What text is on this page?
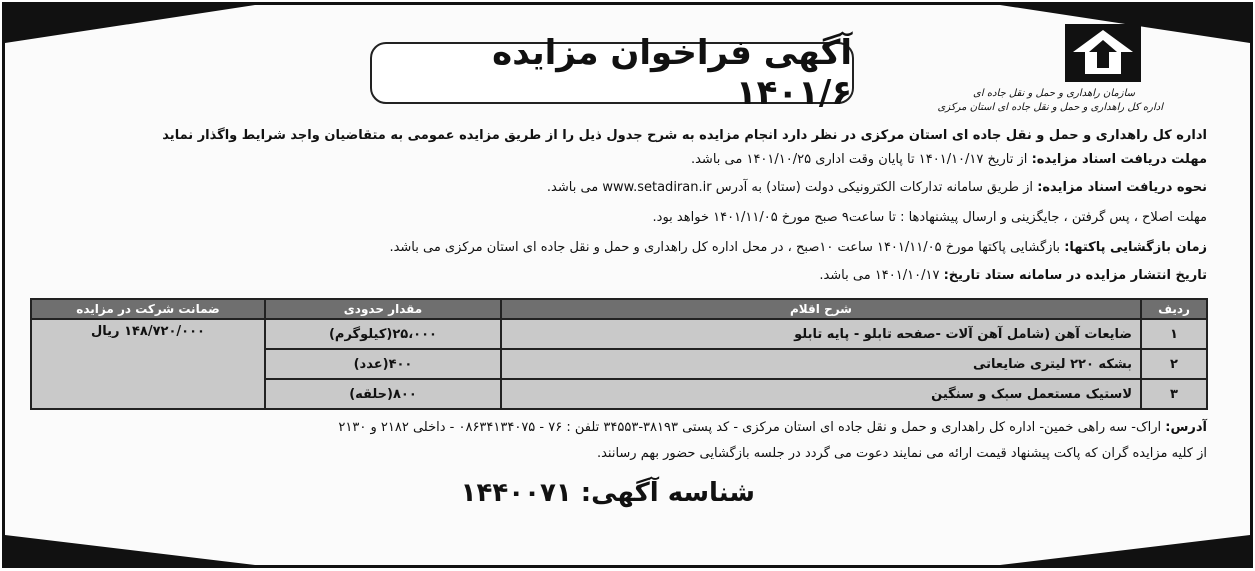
آگهی فراخوان مزایده ۱۴۰۱/۶	سازمان راهداری و حمل و نقل جاده ای
اداره کل راهداری و حمل و نقل جاده ای استان مرکزی
اداره کل راهداری و حمل و نقل جاده ای استان مرکزی در نظر دارد انجام مزایده به شرح جدول ذیل را از طریق مزایده عمومی به متقاضیان واجد شرایط واگذار نماید
مهلت دریافت اسناد مزایده: از تاریخ ۱۴۰۱/۱۰/۱۷ تا پایان وقت اداری ۱۴۰۱/۱۰/۲۵ می باشد.
نحوه دریافت اسناد مزایده: از طریق سامانه تدارکات الکترونیکی دولت (ستاد) به آدرس www.setadiran.ir می باشد.
مهلت اصلاح ، پس گرفتن ، جایگزینی و ارسال پیشنهادها : تا ساعت۹ صبح مورخ ۱۴۰۱/۱۱/۰۵ خواهد بود.
زمان بازگشایی پاکتها: بازگشایی پاکتها مورخ ۱۴۰۱/۱۱/۰۵ ساعت ۱۰صبح ، در محل اداره کل راهداری و حمل و نقل جاده ای استان مرکزی می باشد.
تاریخ انتشار مزایده در سامانه ستاد تاریخ: ۱۴۰۱/۱۰/۱۷ می باشد.
ردیف	شرح اقلام	مقدار حدودی	ضمانت شرکت در مزایده
۱	ضایعات آهن (شامل آهن آلات -صفحه تابلو - پایه تابلو	۲۵،۰۰۰(کیلوگرم)	۱۴۸/۷۲۰/۰۰۰ ریال
۲	بشکه ۲۲۰ لیتری ضایعاتی	۴۰۰(عدد)	
۳	لاستیک مستعمل سبک و سنگین	۸۰۰(حلقه)	
آدرس: اراک- سه راهی خمین- اداره کل راهداری و حمل و نقل جاده ای استان مرکزی - کد پستی ۳۸۱۹۳-۳۴۵۵۳ تلفن : ۷۶ - ۰۸۶۳۴۱۳۴۰۷۵ - داخلی ۲۱۸۲ و ۲۱۳۰
از کلیه مزایده گران که پاکت پیشنهاد قیمت ارائه می نمایند دعوت می گردد در جلسه بازگشایی حضور بهم رسانند.
شناسه آگهی: ۱۴۴۰۰۷۱
